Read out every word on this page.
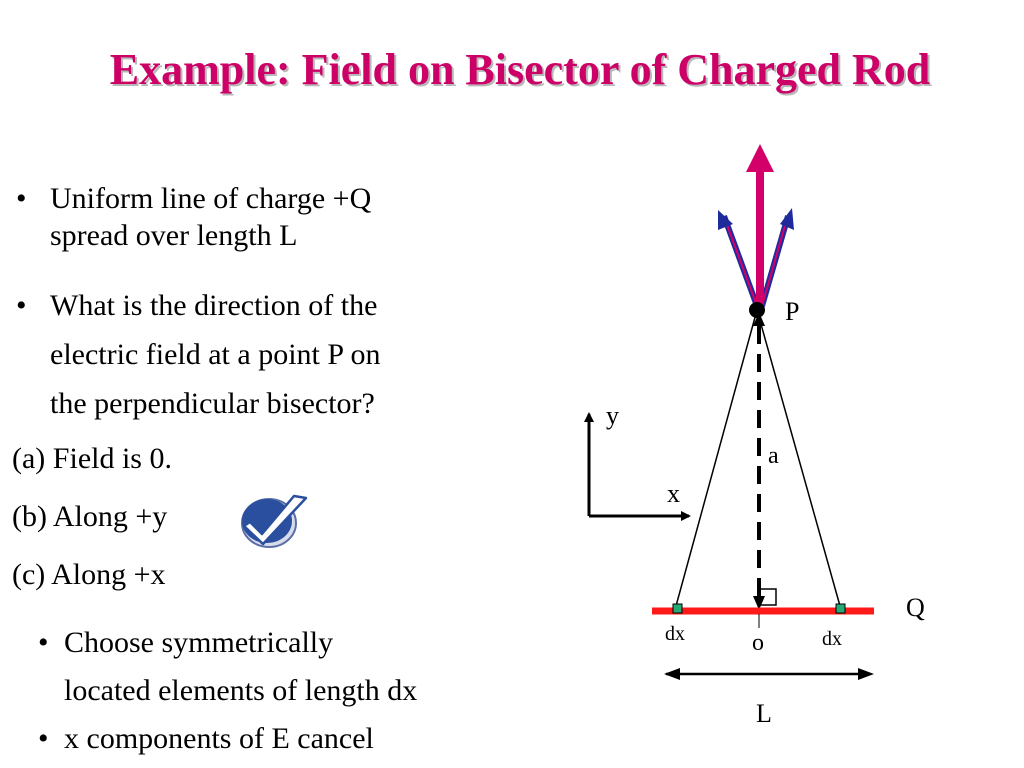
Example: Field on Bisector of Charged Rod
• Uniform line of charge +Q
spread over length L
• What is the direction of the
electric field at a point P on
the perpendicular bisector?
(a) Field is 0.
(b) Along +y
(c) Along +x
• Choose symmetrically
located elements of length dx
• x components of E cancel
P
a
y
x
Q
dx	dx
o
L
